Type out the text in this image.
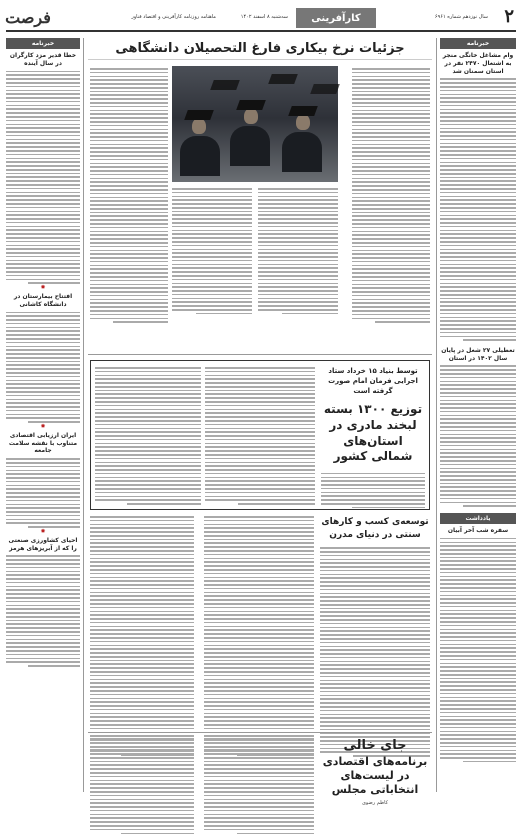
۲
سال نوزدهم شماره ۶۹۶۱
کارآفرینی
سه‌شنبه ۸ اسفند ۱۴۰۲
ماهنامه روزنامه کارآفرینی و اقتصاد فناور
فرصت
خبرنامه
وام مشاغل خانگی منجر به اشتغال ۲۴۷۰ نفر در استان سمنان شد
تعطیلی ۲۷ شغل در پایان سال ۱۴۰۲ در استان
یادداشت
سفره شب آخر آبیان
خبرنامه
خطا قدیر مزد کارگران در سال آینده
✸
افتتاح بیمارستان در دانشگاه کاشانی
✸
ایران ارزیابی اقتصادی متناوب با نقشه سلامت جامعه
✸
احیای کشاورزی صنعتی را که از آبریزهای هرمز
جزئیات نرخ بیکاری فارغ التحصیلان دانشگاهی
توسط بنیاد ۱۵ خرداد ستاد اجرایی فرمان امام صورت گرفته است
توزیع ۱۳۰۰ بسته لبخند مادری در استان‌های شمالی کشور
توسعه‌ی کسب و کارهای سنتی در دنیای مدرن
جای خالی
برنامه‌های اقتصادی در لیست‌های انتخاباتی مجلس
کاظم رضوی
